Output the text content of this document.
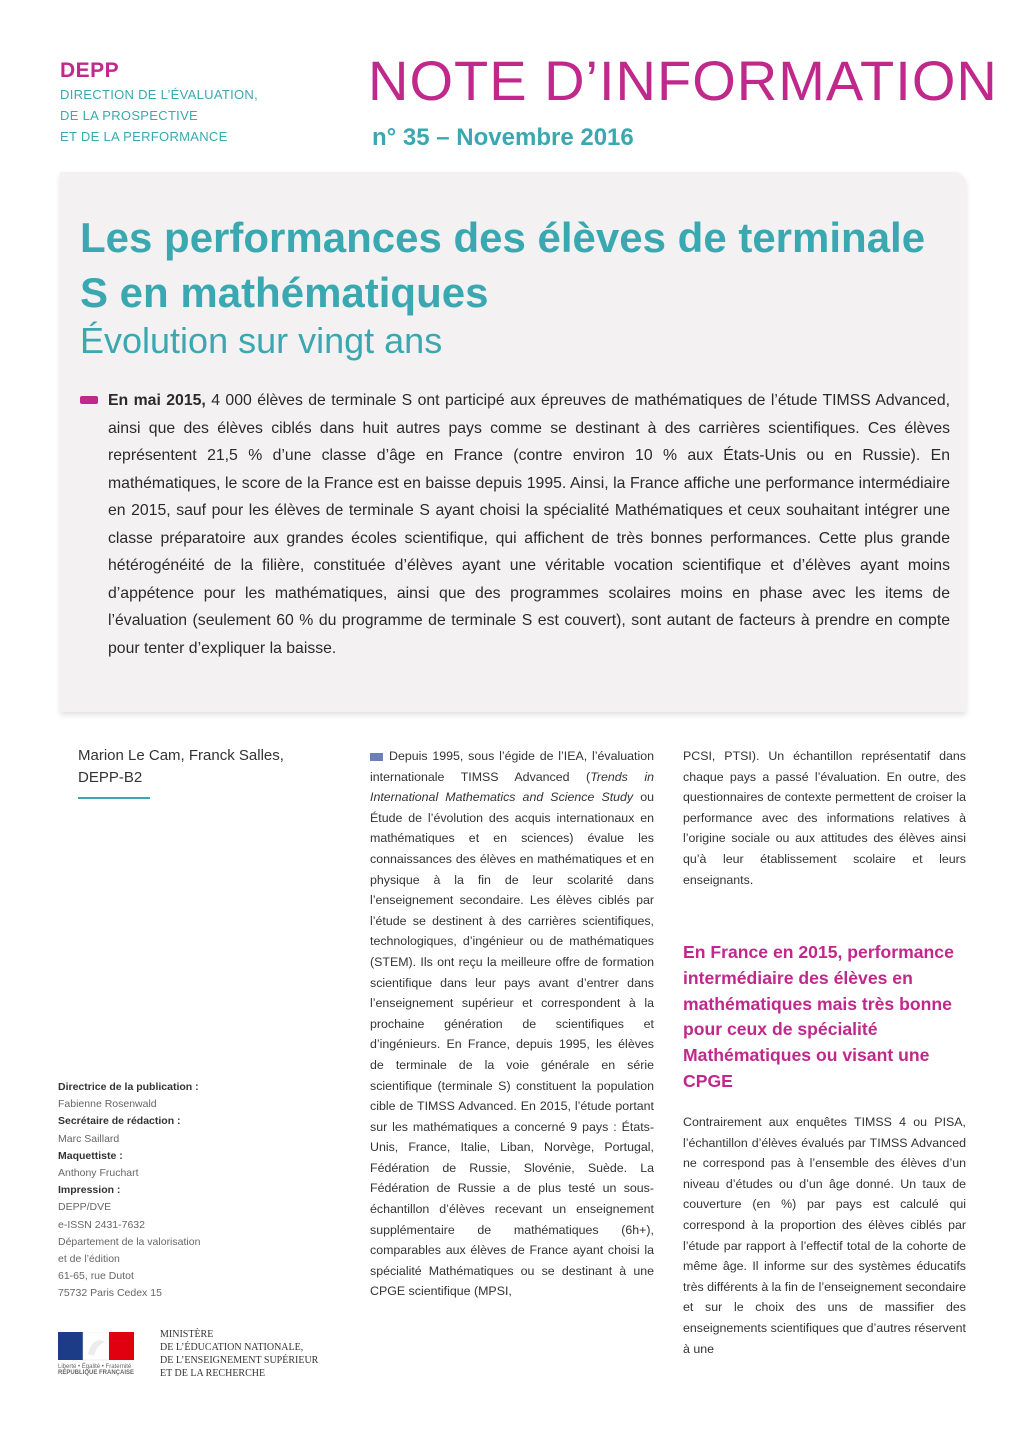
DEPP
DIRECTION DE L’ÉVALUATION,
DE LA PROSPECTIVE
ET DE LA PERFORMANCE
NOTE D’INFORMATION
n° 35 – Novembre 2016
Les performances des élèves de terminale S en mathématiques
Évolution sur vingt ans
En mai 2015, 4 000 élèves de terminale S ont participé aux épreuves de mathématiques de l’étude TIMSS Advanced, ainsi que des élèves ciblés dans huit autres pays comme se destinant à des carrières scientifiques. Ces élèves représentent 21,5 % d’une classe d’âge en France (contre environ 10 % aux États-Unis ou en Russie). En mathématiques, le score de la France est en baisse depuis 1995. Ainsi, la France affiche une performance intermédiaire en 2015, sauf pour les élèves de terminale S ayant choisi la spécialité Mathématiques et ceux souhaitant intégrer une classe préparatoire aux grandes écoles scientifique, qui affichent de très bonnes performances. Cette plus grande hétérogénéité de la filière, constituée d’élèves ayant une véritable vocation scientifique et d’élèves ayant moins d’appétence pour les mathématiques, ainsi que des programmes scolaires moins en phase avec les items de l’évaluation (seulement 60 % du programme de terminale S est couvert), sont autant de facteurs à prendre en compte pour tenter d’expliquer la baisse.
Marion Le Cam, Franck Salles,
DEPP-B2
Directrice de la publication :
Fabienne Rosenwald
Secrétaire de rédaction :
Marc Saillard
Maquettiste :
Anthony Fruchart
Impression :
DEPP/DVE
e-ISSN 2431-7632
Département de la valorisation
et de l’édition
61-65, rue Dutot
75732 Paris Cedex 15
Liberté • Égalité • Fraternité
RÉPUBLIQUE FRANÇAISE
MINISTÈRE
DE L’ÉDUCATION NATIONALE,
DE L’ENSEIGNEMENT SUPÉRIEUR
ET DE LA RECHERCHE
Depuis 1995, sous l’égide de l’IEA, l’évaluation internationale TIMSS Advanced (Trends in International Mathematics and Science Study ou Étude de l’évolution des acquis internationaux en mathématiques et en sciences) évalue les connaissances des élèves en mathématiques et en physique à la fin de leur scolarité dans l’enseignement secondaire. Les élèves ciblés par l’étude se destinent à des carrières scientifiques, technologiques, d’ingénieur ou de mathématiques (STEM). Ils ont reçu la meilleure offre de formation scientifique dans leur pays avant d’entrer dans l’enseignement supérieur et correspondent à la prochaine génération de scientifiques et d’ingénieurs. En France, depuis 1995, les élèves de terminale de la voie générale en série scientifique (terminale S) constituent la population cible de TIMSS Advanced. En 2015, l’étude portant sur les mathématiques a concerné 9 pays : États-Unis, France, Italie, Liban, Norvège, Portugal, Fédération de Russie, Slovénie, Suède. La Fédération de Russie a de plus testé un sous-échantillon d’élèves recevant un enseignement supplémentaire de mathématiques (6h+), comparables aux élèves de France ayant choisi la spécialité Mathématiques ou se destinant à une CPGE scientifique (MPSI,
PCSI, PTSI). Un échantillon représentatif dans chaque pays a passé l’évaluation. En outre, des questionnaires de contexte permettent de croiser la performance avec des informations relatives à l’origine sociale ou aux attitudes des élèves ainsi qu’à leur établissement scolaire et leurs enseignants.
En France en 2015, performance intermédiaire des élèves en mathématiques mais très bonne pour ceux de spécialité Mathématiques ou visant une CPGE
Contrairement aux enquêtes TIMSS 4 ou PISA, l’échantillon d’élèves évalués par TIMSS Advanced ne correspond pas à l’ensemble des élèves d’un niveau d’études ou d’un âge donné. Un taux de couverture (en %) par pays est calculé qui correspond à la proportion des élèves ciblés par l’étude par rapport à l’effectif total de la cohorte de même âge. Il informe sur des systèmes éducatifs très différents à la fin de l’enseignement secondaire et sur le choix des uns de massifier des enseignements scientifiques que d’autres réservent à une
